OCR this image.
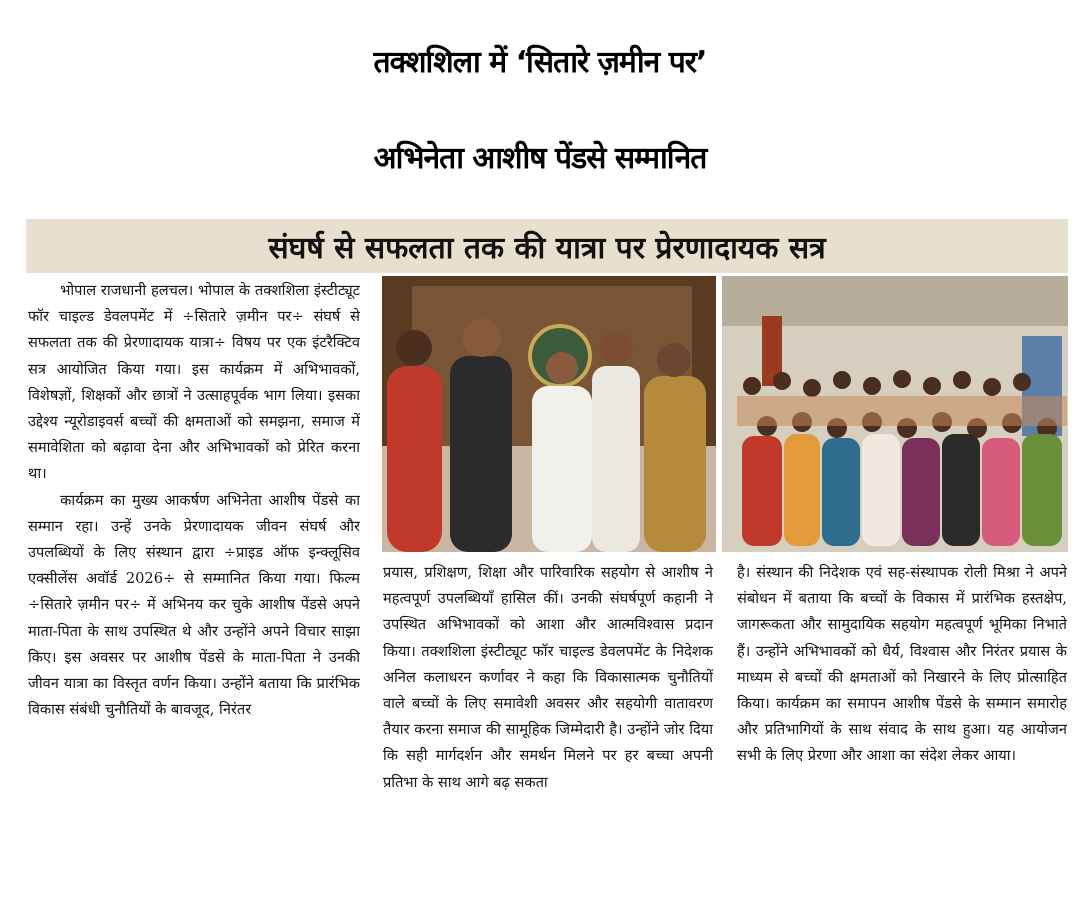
तक्शशिला में ‘सितारे ज़मीन पर’
अभिनेता आशीष पेंडसे सम्मानित
संघर्ष से सफलता तक की यात्रा पर प्रेरणादायक सत्र

भोपाल राजधानी हलचल। भोपाल के तक्शशिला इंस्टीट्यूट फॉर चाइल्ड डेवलपमेंट में ÷सितारे ज़मीन पर÷ संघर्ष से सफलता तक की प्रेरणादायक यात्रा÷ विषय पर एक इंटरैक्टिव सत्र आयोजित किया गया। इस कार्यक्रम में अभिभावकों, विशेषज्ञों, शिक्षकों और छात्रों ने उत्साहपूर्वक भाग लिया। इसका उद्देश्य न्यूरोडाइवर्स बच्चों की क्षमताओं को समझना, समाज में समावेशिता को बढ़ावा देना और अभिभावकों को प्रेरित करना था।

कार्यक्रम का मुख्य आकर्षण अभिनेता आशीष पेंडसे का सम्मान रहा। उन्हें उनके प्रेरणादायक जीवन संघर्ष और उपलब्धियों के लिए संस्थान द्वारा ÷प्राइड ऑफ इन्क्लूसिव एक्सीलेंस अवॉर्ड 2026÷ से सम्मानित किया गया। फिल्म ÷सितारे ज़मीन पर÷ में अभिनय कर चुके आशीष पेंडसे अपने माता-पिता के साथ उपस्थित थे और उन्होंने अपने विचार साझा किए। इस अवसर पर आशीष पेंडसे के माता-पिता ने उनकी जीवन यात्रा का विस्तृत वर्णन किया। उन्होंने बताया कि प्रारंभिक विकास संबंधी चुनौतियों के बावजूद, निरंतर

प्रयास, प्रशिक्षण, शिक्षा और पारिवारिक सहयोग से आशीष ने महत्वपूर्ण उपलब्धियाँ हासिल कीं। उनकी संघर्षपूर्ण कहानी ने उपस्थित अभिभावकों को आशा और आत्मविश्वास प्रदान किया। तक्शशिला इंस्टीट्यूट फॉर चाइल्ड डेवलपमेंट के निदेशक अनिल कलाधरन कर्णावर ने कहा कि विकासात्मक चुनौतियों वाले बच्चों के लिए समावेशी अवसर और सहयोगी वातावरण तैयार करना समाज की सामूहिक जिम्मेदारी है। उन्होंने जोर दिया कि सही मार्गदर्शन और समर्थन मिलने पर हर बच्चा अपनी प्रतिभा के साथ आगे बढ़ सकता

है। संस्थान की निदेशक एवं सह-संस्थापक रोली मिश्रा ने अपने संबोधन में बताया कि बच्चों के विकास में प्रारंभिक हस्तक्षेप, जागरूकता और सामुदायिक सहयोग महत्वपूर्ण भूमिका निभाते हैं। उन्होंने अभिभावकों को धैर्य, विश्वास और निरंतर प्रयास के माध्यम से बच्चों की क्षमताओं को निखारने के लिए प्रोत्साहित किया। कार्यक्रम का समापन आशीष पेंडसे के सम्मान समारोह और प्रतिभागियों के साथ संवाद के साथ हुआ। यह आयोजन सभी के लिए प्रेरणा और आशा का संदेश लेकर आया।
